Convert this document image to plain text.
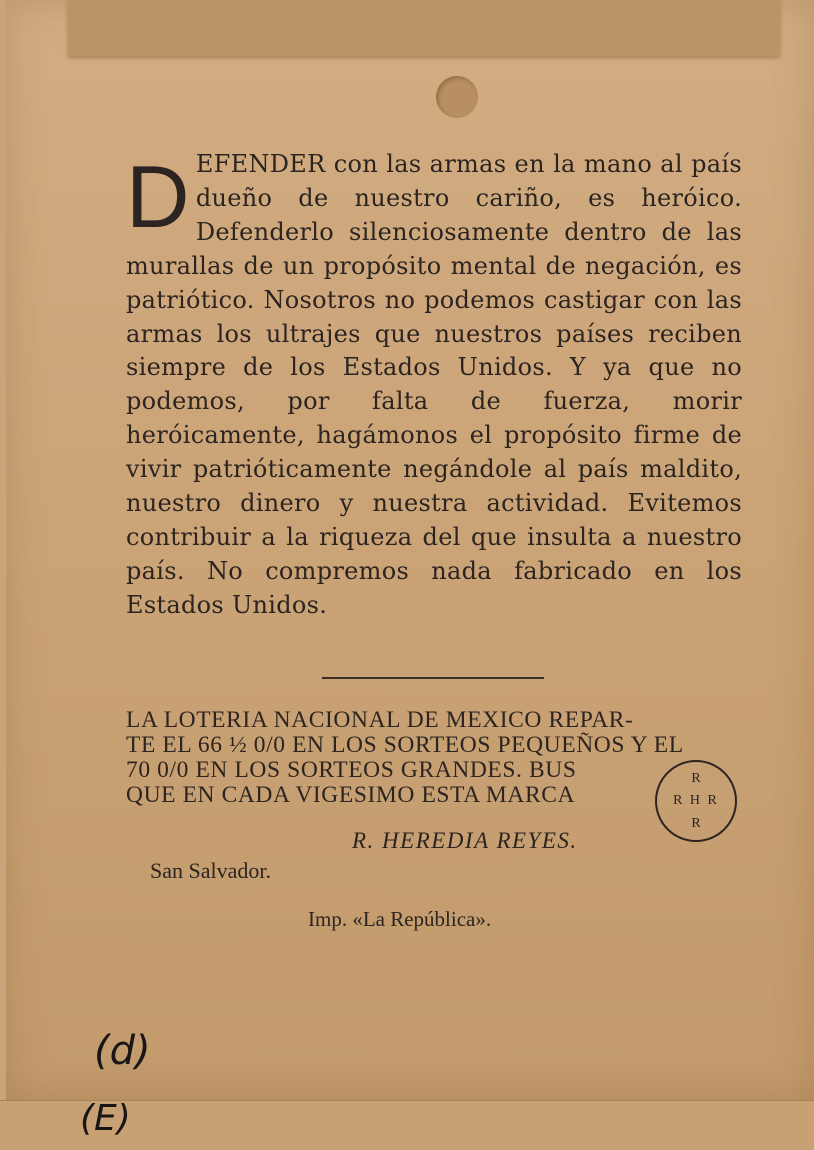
DEFENDER con las armas en la mano al país dueño de nuestro cariño, es heróico. Defenderlo silenciosamente dentro de las murallas de un propósito mental de negación, es patriótico. Nosotros no podemos castigar con las armas los ultrajes que nuestros países reciben siempre de los Estados Unidos. Y ya que no podemos, por falta de fuerza, morir heróicamente, hagámonos el propósito firme de vivir patrióticamente negándole al país maldito, nuestro dinero y nuestra actividad. Evitemos contribuir a la riqueza del que insulta a nuestro país. No compremos nada fabricado en los Estados Unidos.
LA LOTERIA NACIONAL DE MEXICO REPAR-
TE EL 66 ½ 0/0 EN LOS SORTEOS PEQUEÑOS Y EL
70 0/0 EN LOS SORTEOS GRANDES. BUS
QUE EN CADA VIGESIMO ESTA MARCA
R
R H R
R
R. HEREDIA REYES.
San Salvador.
Imp. «La República».
(d)
(E)
